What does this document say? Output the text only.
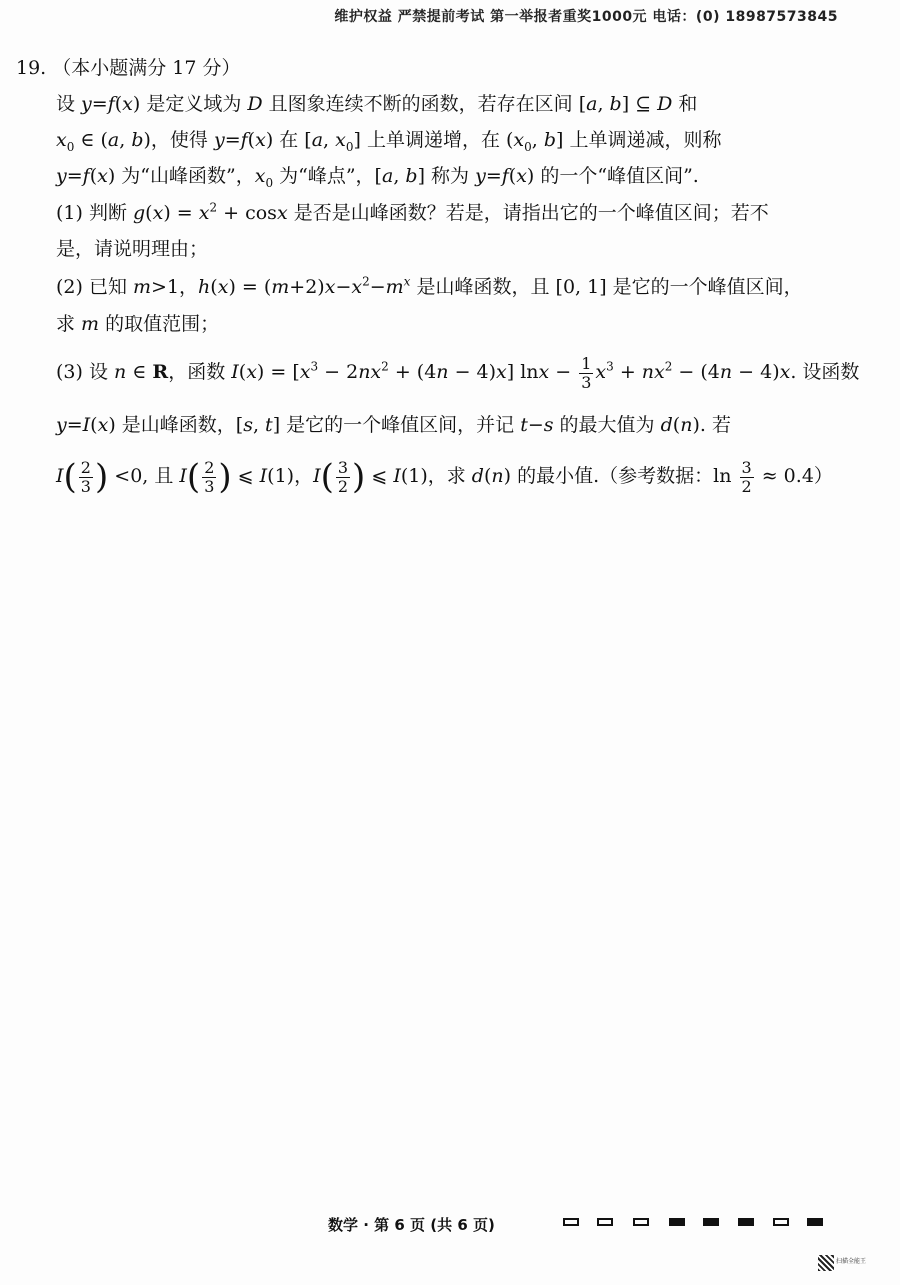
维护权益 严禁提前考试 第一举报者重奖1000元 电话：(0) 18987573845
19. （本小题满分 17 分）
设 y=f(x) 是定义域为 D 且图象连续不断的函数，若存在区间 [a, b] ⊆ D 和
$x_0$ ∈ (a, b)，使得 y=f(x) 在 [a, $x_0$] 上单调递增，在 ($x_0$, b] 上单调递减，则称
y=f(x) 为“山峰函数”，$x_0$ 为“峰点”，[a, b] 称为 y=f(x) 的一个“峰值区间”.
(1) 判断 $g(x) = x^2 + \cos x$ 是否是山峰函数？若是，请指出它的一个峰值区间；若不
是，请说明理由；
(2) 已知 m>1，$h(x) = (m+2)x-x^2-m^x$ 是山峰函数，且 [0, 1] 是它的一个峰值区间，
求 m 的取值范围；
(3) 设 n ∈ R，函数 $I(x) = [x^3 - 2nx^2 + (4n - 4)x] \ln x - \frac{1}{3} x^3 + nx^2 - (4n - 4)x$. 设函数
y=I(x) 是山峰函数，[s, t] 是它的一个峰值区间，并记 t−s 的最大值为 d(n). 若
$I( \frac{2}{3}$ ) <0, 且 $I( \frac{2}{3}$ ) ⩽ I(1)，$I( \frac{3}{2}$ ) ⩽ I(1)，求 d(n) 的最小值.（参考数据：$\ln \frac{3}{2} \approx 0.4$）
数学 · 第 6 页 (共 6 页)
扫描全能王
